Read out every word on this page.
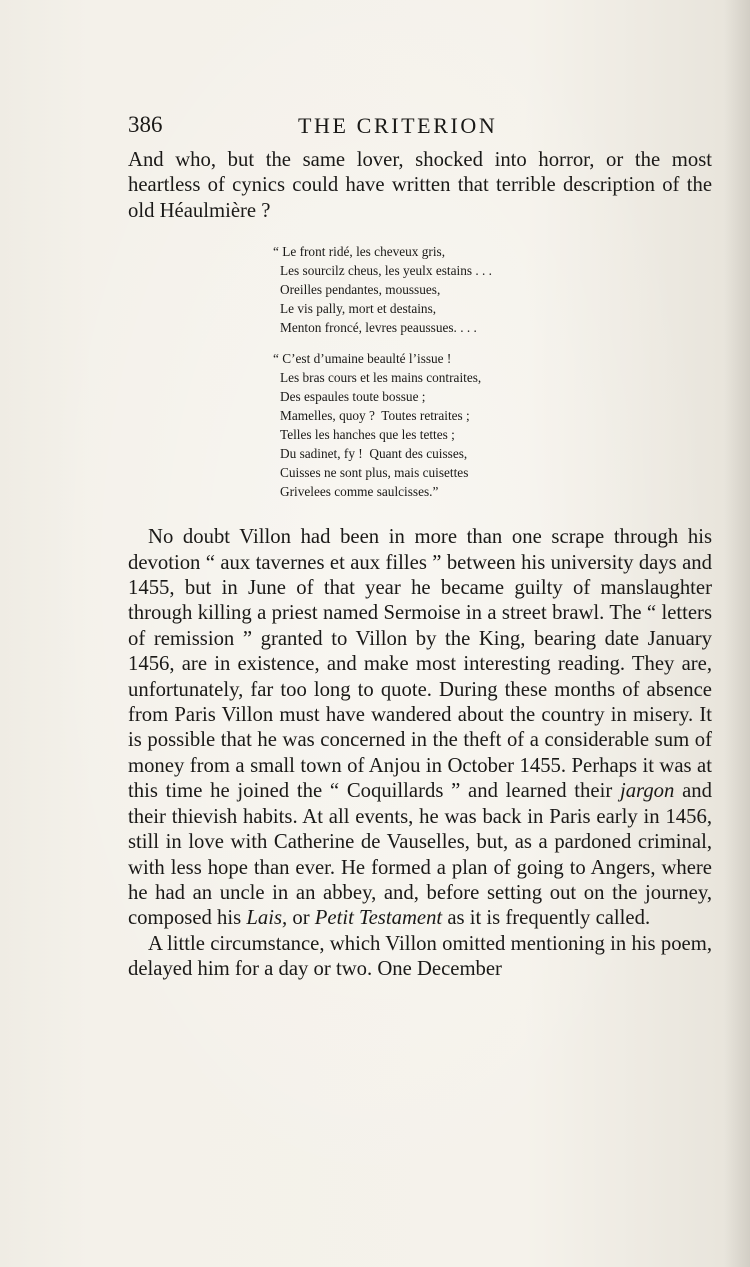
386	THE CRITERION

And who, but the same lover, shocked into horror, or the most heartless of cynics could have written that terrible description of the old Héaulmière ?

“ Le front ridé, les cheveux gris,
Les sourcilz cheus, les yeulx estains . . .
Oreilles pendantes, moussues,
Le vis pally, mort et destains,
Menton froncé, levres peaussues. . . .
“ C’est d’umaine beaulté l’issue !
Les bras cours et les mains contraites,
Des espaules toute bossue ;
Mamelles, quoy ?  Toutes retraites ;
Telles les hanches que les tettes ;
Du sadinet, fy !  Quant des cuisses,
Cuisses ne sont plus, mais cuisettes
Grivelees comme saulcisses.”

No doubt Villon had been in more than one scrape through his devotion “ aux tavernes et aux filles ” between his university days and 1455, but in June of that year he became guilty of manslaughter through killing a priest named Sermoise in a street brawl. The “ letters of remission ” granted to Villon by the King, bearing date January 1456, are in existence, and make most interesting reading. They are, unfortunately, far too long to quote. During these months of absence from Paris Villon must have wandered about the country in misery. It is possible that he was concerned in the theft of a considerable sum of money from a small town of Anjou in October 1455. Perhaps it was at this time he joined the “ Coquillards ” and learned their jargon and their thievish habits. At all events, he was back in Paris early in 1456, still in love with Catherine de Vauselles, but, as a pardoned criminal, with less hope than ever. He formed a plan of going to Angers, where he had an uncle in an abbey, and, before setting out on the journey, composed his Lais, or Petit Testament as it is frequently called.

A little circumstance, which Villon omitted mentioning in his poem, delayed him for a day or two. One December
